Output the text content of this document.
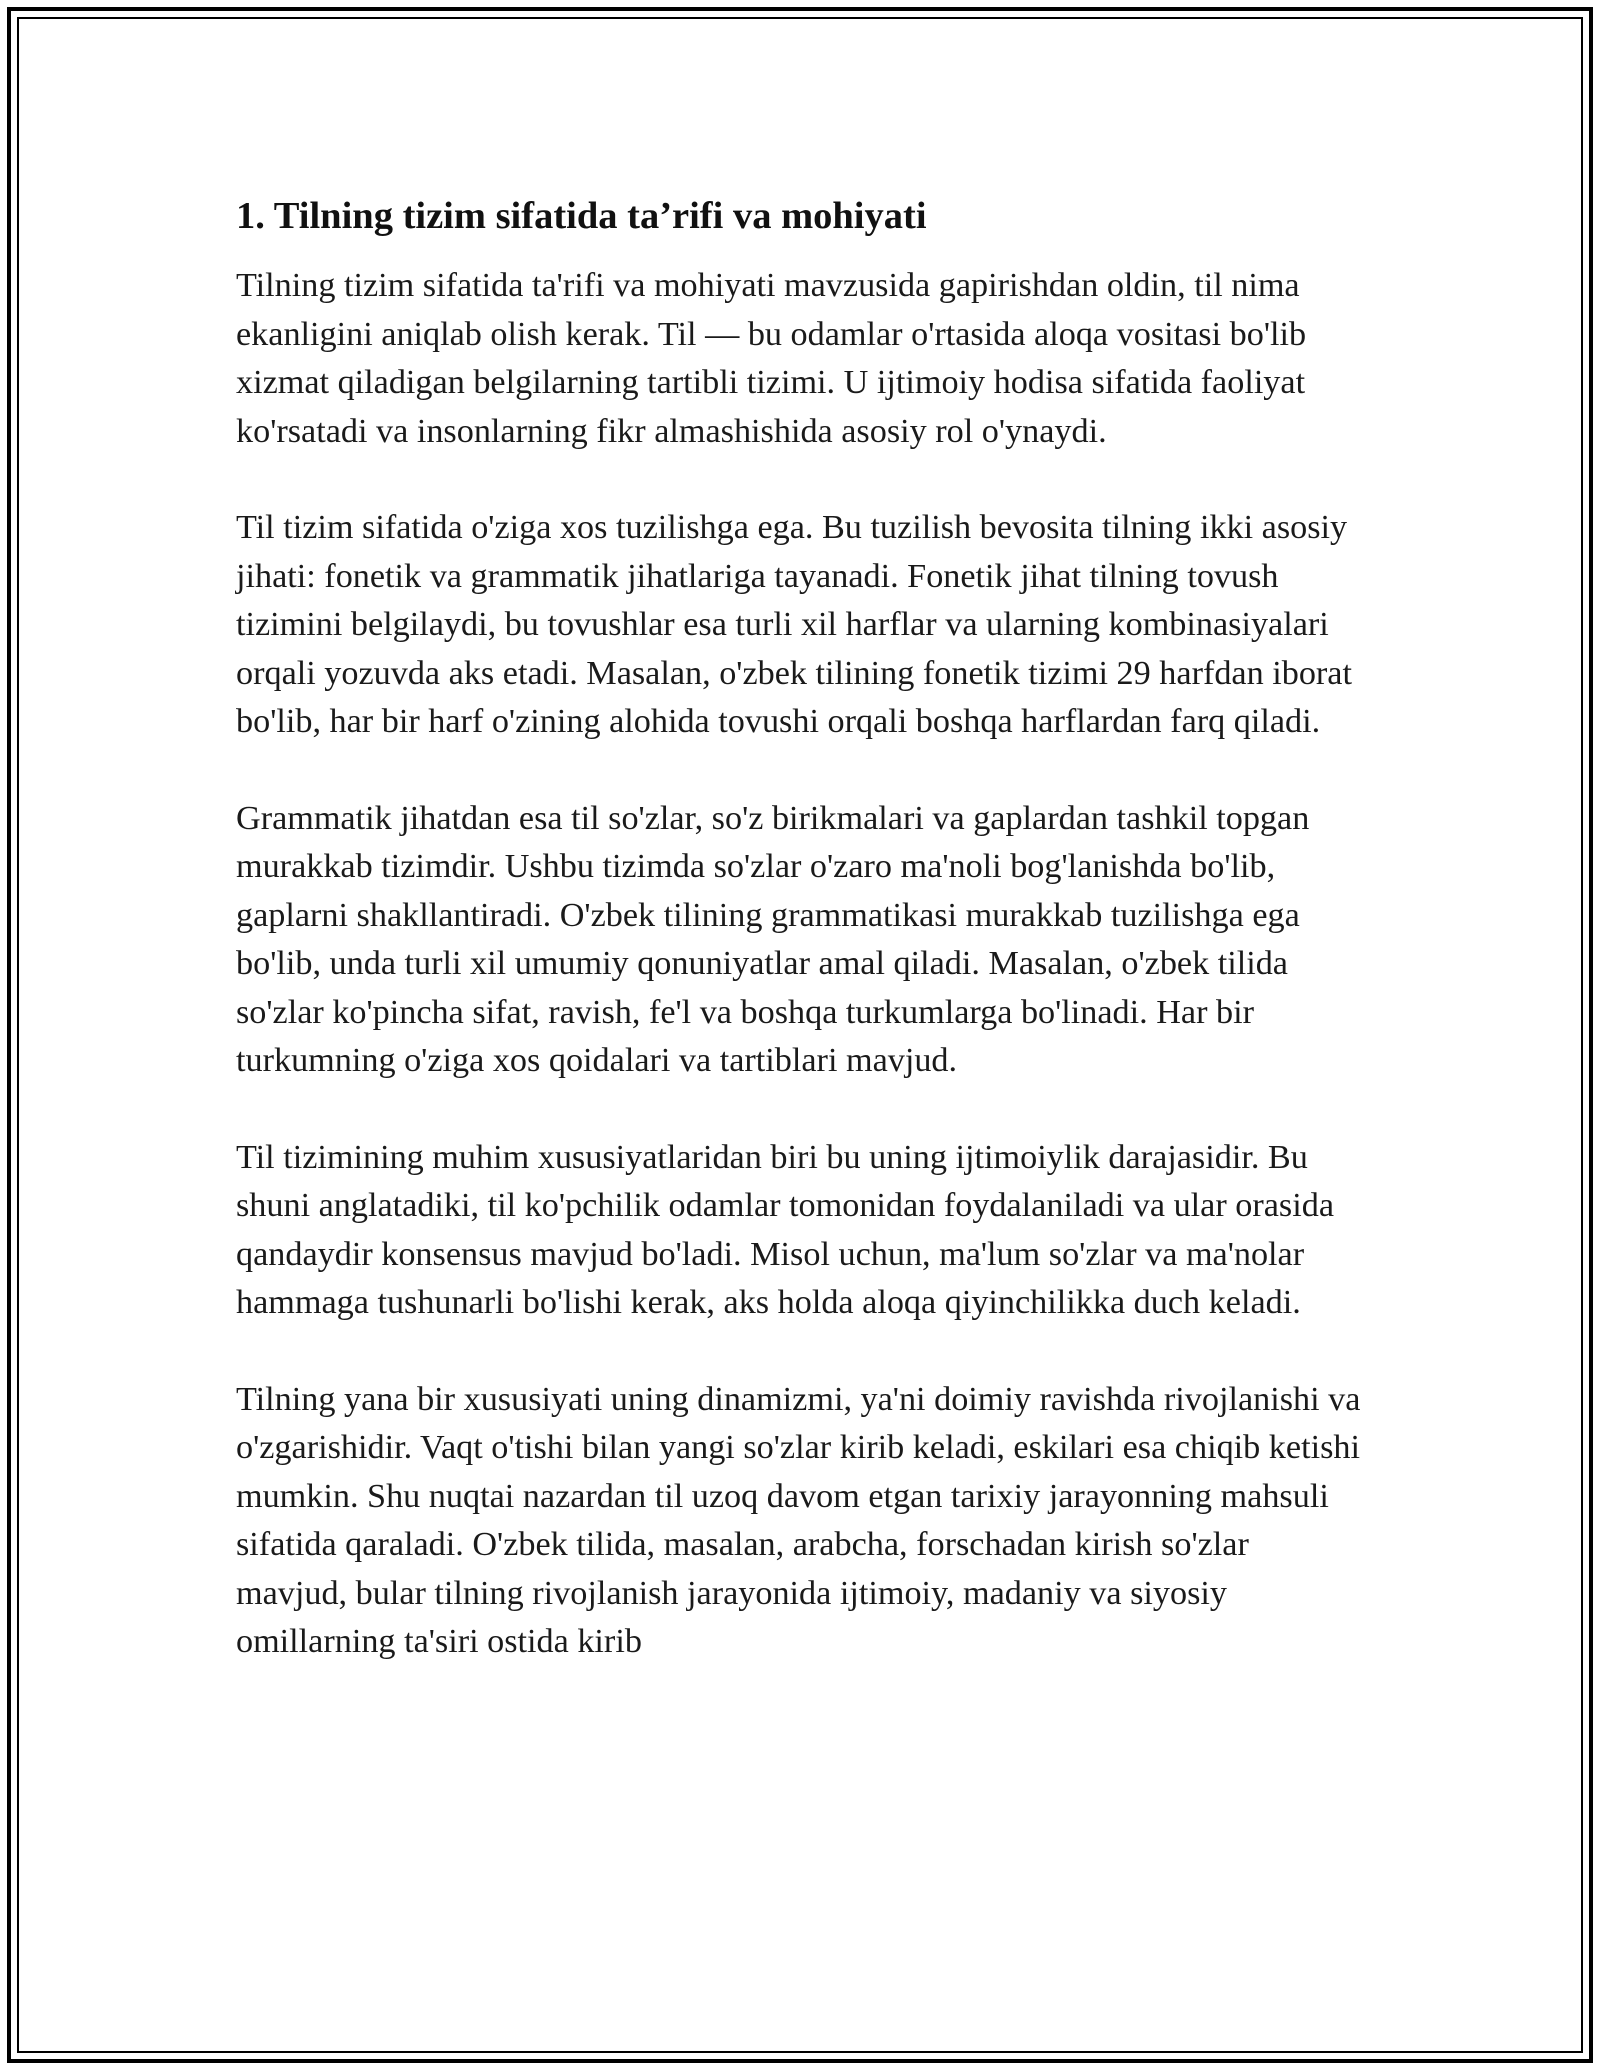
1. Tilning tizim sifatida ta’rifi va mohiyati

Tilning tizim sifatida ta'rifi va mohiyati mavzusida gapirishdan oldin, til nima ekanligini aniqlab olish kerak. Til — bu odamlar o'rtasida aloqa vositasi bo'lib xizmat qiladigan belgilarning tartibli tizimi. U ijtimoiy hodisa sifatida faoliyat ko'rsatadi va insonlarning fikr almashishida asosiy rol o'ynaydi.

Til tizim sifatida o'ziga xos tuzilishga ega. Bu tuzilish bevosita tilning ikki asosiy jihati: fonetik va grammatik jihatlariga tayanadi. Fonetik jihat tilning tovush tizimini belgilaydi, bu tovushlar esa turli xil harflar va ularning kombinasiyalari orqali yozuvda aks etadi. Masalan, o'zbek tilining fonetik tizimi 29 harfdan iborat bo'lib, har bir harf o'zining alohida tovushi orqali boshqa harflardan farq qiladi.

Grammatik jihatdan esa til so'zlar, so'z birikmalari va gaplardan tashkil topgan murakkab tizimdir. Ushbu tizimda so'zlar o'zaro ma'noli bog'lanishda bo'lib, gaplarni shakllantiradi. O'zbek tilining grammatikasi murakkab tuzilishga ega bo'lib, unda turli xil umumiy qonuniyatlar amal qiladi. Masalan, o'zbek tilida so'zlar ko'pincha sifat, ravish, fe'l va boshqa turkumlarga bo'linadi. Har bir turkumning o'ziga xos qoidalari va tartiblari mavjud.

Til tizimining muhim xususiyatlaridan biri bu uning ijtimoiylik darajasidir. Bu shuni anglatadiki, til ko'pchilik odamlar tomonidan foydalaniladi va ular orasida qandaydir konsensus mavjud bo'ladi. Misol uchun, ma'lum so'zlar va ma'nolar hammaga tushunarli bo'lishi kerak, aks holda aloqa qiyinchilikka duch keladi.

Tilning yana bir xususiyati uning dinamizmi, ya'ni doimiy ravishda rivojlanishi va o'zgarishidir. Vaqt o'tishi bilan yangi so'zlar kirib keladi, eskilari esa chiqib ketishi mumkin. Shu nuqtai nazardan til uzoq davom etgan tarixiy jarayonning mahsuli sifatida qaraladi. O'zbek tilida, masalan, arabcha, forschadan kirish so'zlar mavjud, bular tilning rivojlanish jarayonida ijtimoiy, madaniy va siyosiy omillarning ta'siri ostida kirib
